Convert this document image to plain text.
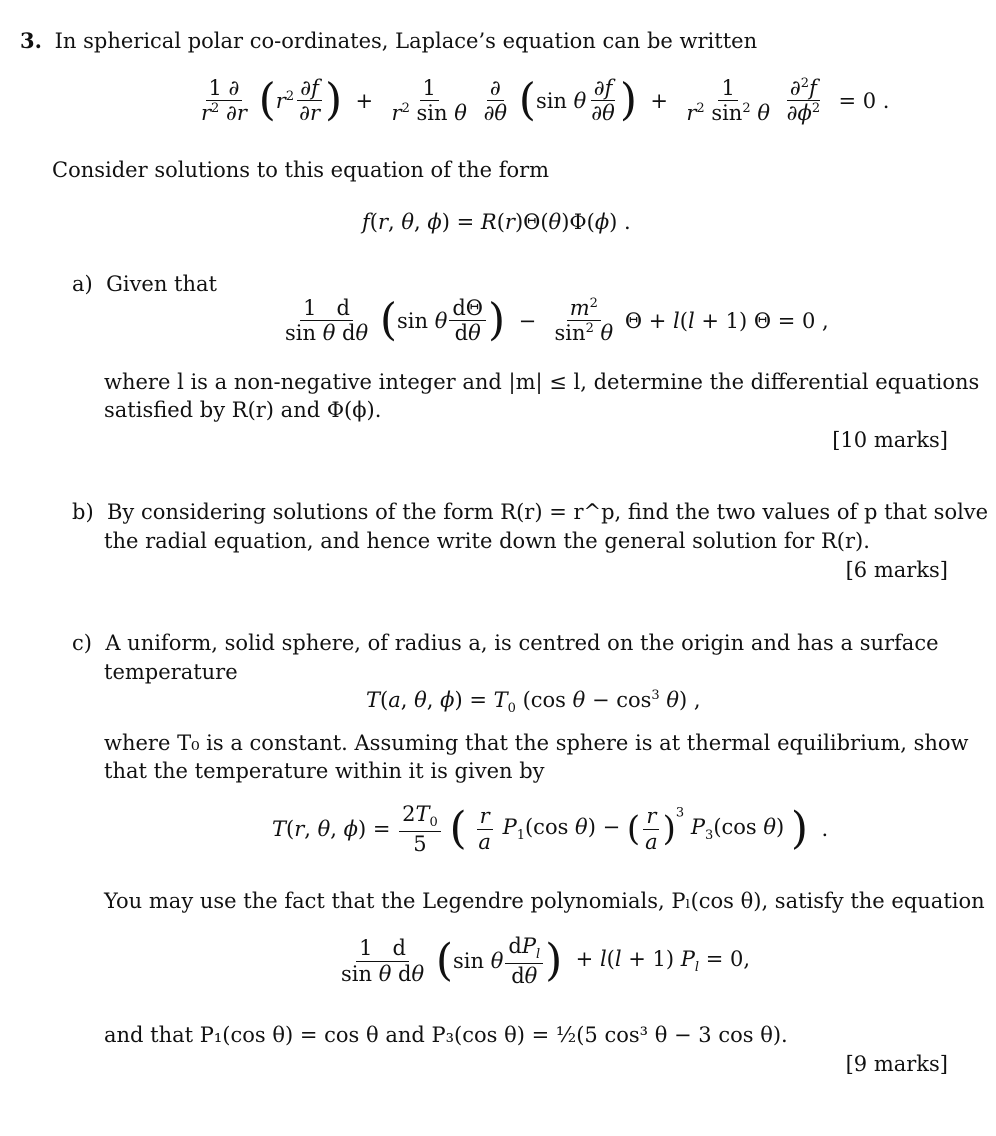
3. In spherical polar co-ordinates, Laplace’s equation can be written
$\frac{1 \partial}{r^2 \partial r} (r^2 \frac{\partial f}{\partial r}$ )  + $\frac{1}{r^2 \sin \theta}$
$\frac{\partial}{\partial\theta} (\sin$ θ $\frac{\partial f}{\partial\theta}$ )  + $\frac{1}{r^2 \sin^2 \theta}$
$\frac{\partial^2f}{\partial\phi^2} = 0$ .
Consider solutions to this equation of the form
f(r, θ, ϕ) = R(r)Θ(θ)Φ(ϕ) .
a) Given that
$\frac{1 d}{\text{sin θ dθ}} (\sin$ θ $\frac{d\Theta}{d\theta}$ )  − $\frac{m^2}{\sin^2 \theta}$ Θ + l(l + 1) Θ = 0 ,
where l is a non-negative integer and |m| ≤ l, determine the differential equations
satisfied by R(r) and Φ(ϕ).
[10 marks]
b) By considering solutions of the form R(r) = r^p, find the two values of p that solve
the radial equation, and hence write down the general solution for R(r).
[6 marks]
c) A uniform, solid sphere, of radius a, is centred on the origin and has a surface
temperature
T(a, θ, $\phi) = T_0$ (cos $\theta - \cos^3 \theta$) ,
where T₀ is a constant. Assuming that the sphere is at thermal equilibrium, show
that the temperature within it is given by
T(r, θ, $\phi) = \frac{2T_0}{5}$ ( $\frac{r}{a} P_1(\cos$ θ) − ( $\frac{r}{a} )^3$ $P_3(\cos$ θ) )  .
You may use the fact that the Legendre polynomials, Pₗ(cos θ), satisfy the equation
$\frac{1 d}{\text{sin θ dθ}} (\sin$ θ $\frac{dP_l}{d\theta}$ )  + l(l + 1) $P_l = 0$,
and that P₁(cos θ) = cos θ and P₃(cos θ) = ½(5 cos³ θ − 3 cos θ).
[9 marks]
